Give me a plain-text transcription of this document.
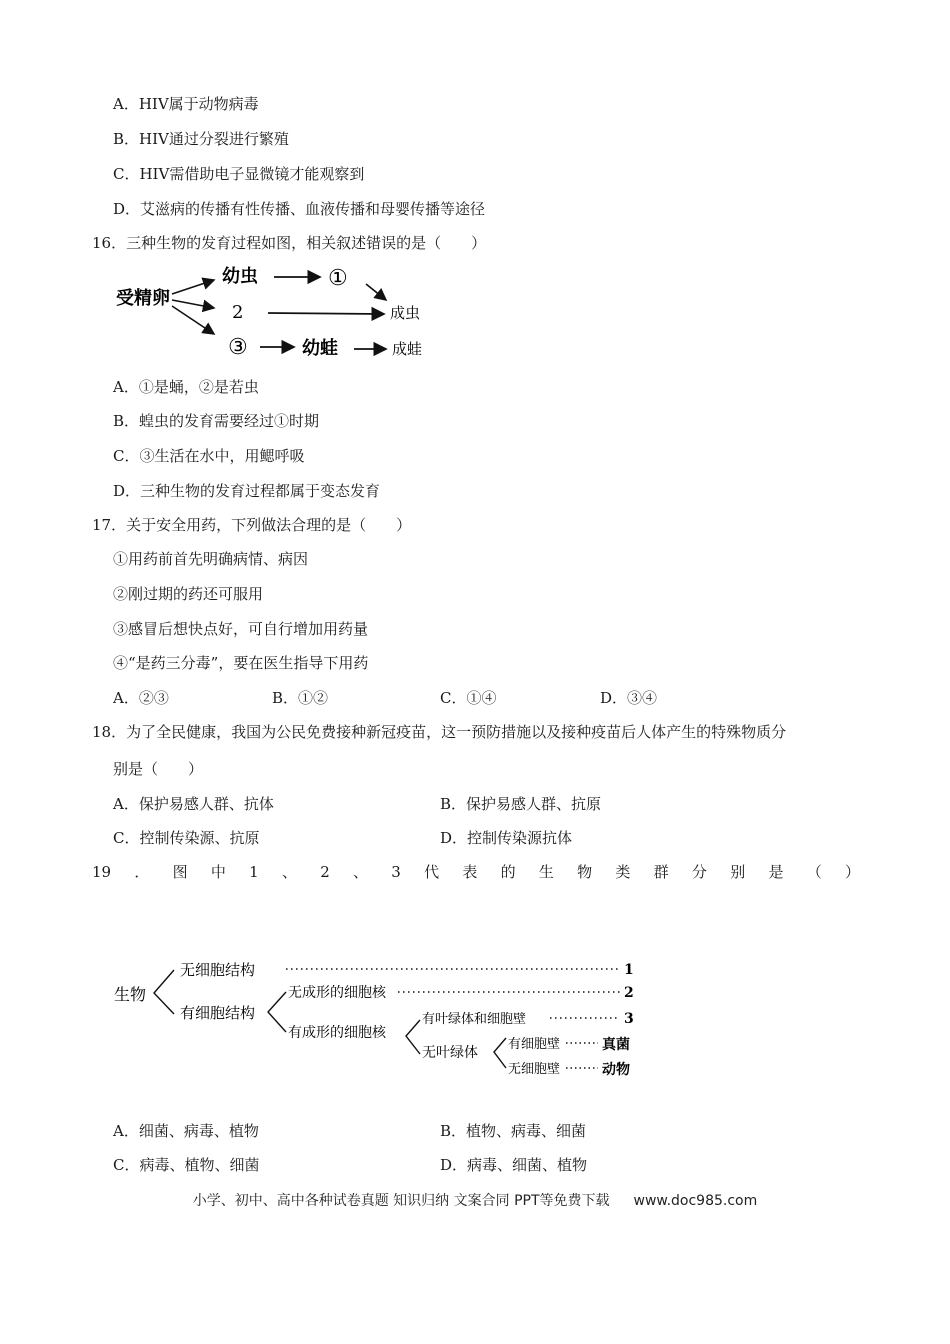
A．HIV属于动物病毒
B．HIV通过分裂进行繁殖
C．HIV需借助电子显微镜才能观察到
D．艾滋病的传播有性传播、血液传播和母婴传播等途径
16．三种生物的发育过程如图，相关叙述错误的是（　　）
受精卵
幼虫	①
2	成虫
③	幼蛙	成蛙
A．①是蛹，②是若虫
B．蝗虫的发育需要经过①时期
C．③生活在水中，用鳃呼吸
D．三种生物的发育过程都属于变态发育
17．关于安全用药，下列做法合理的是（　　）
①用药前首先明确病情、病因
②刚过期的药还可服用
③感冒后想快点好，可自行增加用药量
④“是药三分毒”，要在医生指导下用药
A．②③	B．①②	C．①④	D．③④
18．为了全民健康，我国为公民免费接种新冠疫苗，这一预防措施以及接种疫苗后人体产生的特殊物质分
别是（　　）
A．保护易感人群、抗体	B．保护易感人群、抗原
C．控制传染源、抗原	D．控制传染源抗体
19 ． 图 中 1 、 2 、 3 代 表 的 生 物 类 群 分 别 是 （ ）
生物
无细胞结构	1
有细胞结构
无成形的细胞核	2
有成形的细胞核
有叶绿体和细胞壁	3
无叶绿体
有细胞壁	真菌
无细胞壁	动物
A．细菌、病毒、植物	B．植物、病毒、细菌
C．病毒、植物、细菌	D．病毒、细菌、植物
小学、初中、高中各种试卷真题 知识归纳 文案合同 PPT等免费下载 www.doc985.com
